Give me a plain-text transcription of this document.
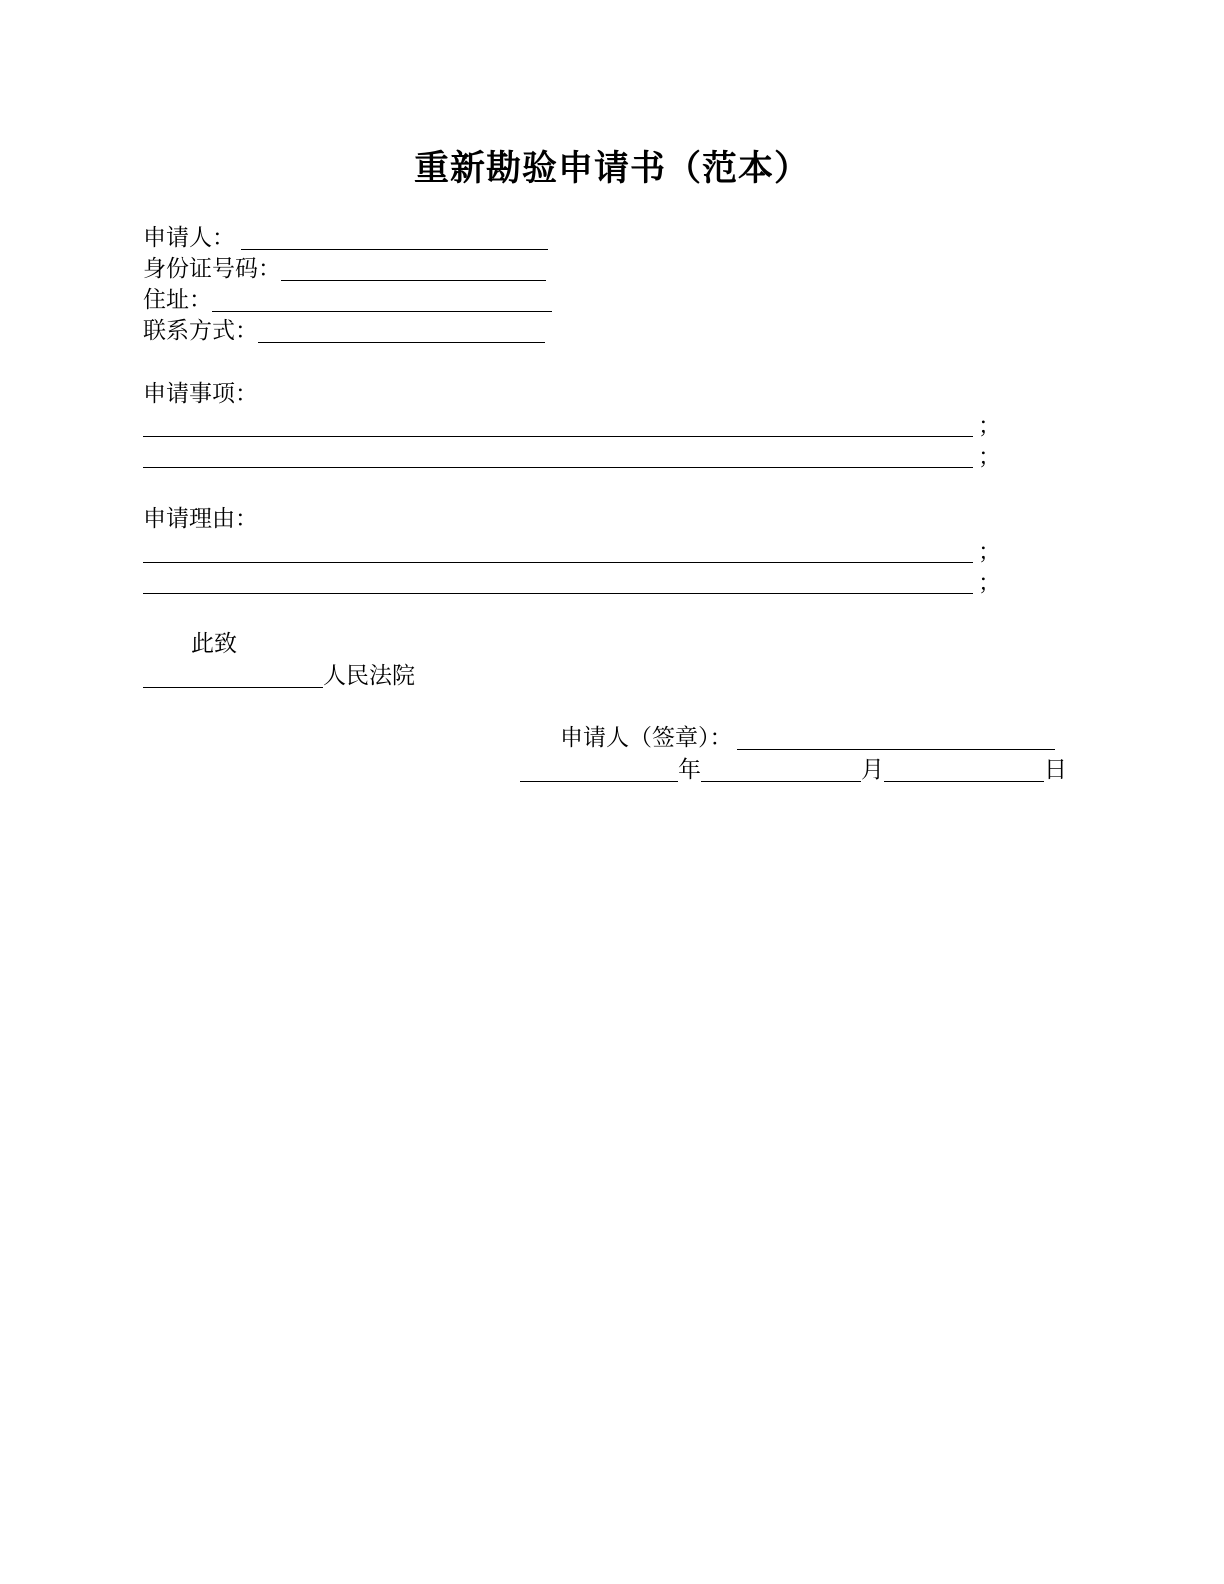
重新勘验申请书（范本）
申请人：
身份证号码：
住址：
联系方式：
申请事项：
；
；
申请理由：
；
；
此致
人民法院
申请人（签章）：
年	月	日
